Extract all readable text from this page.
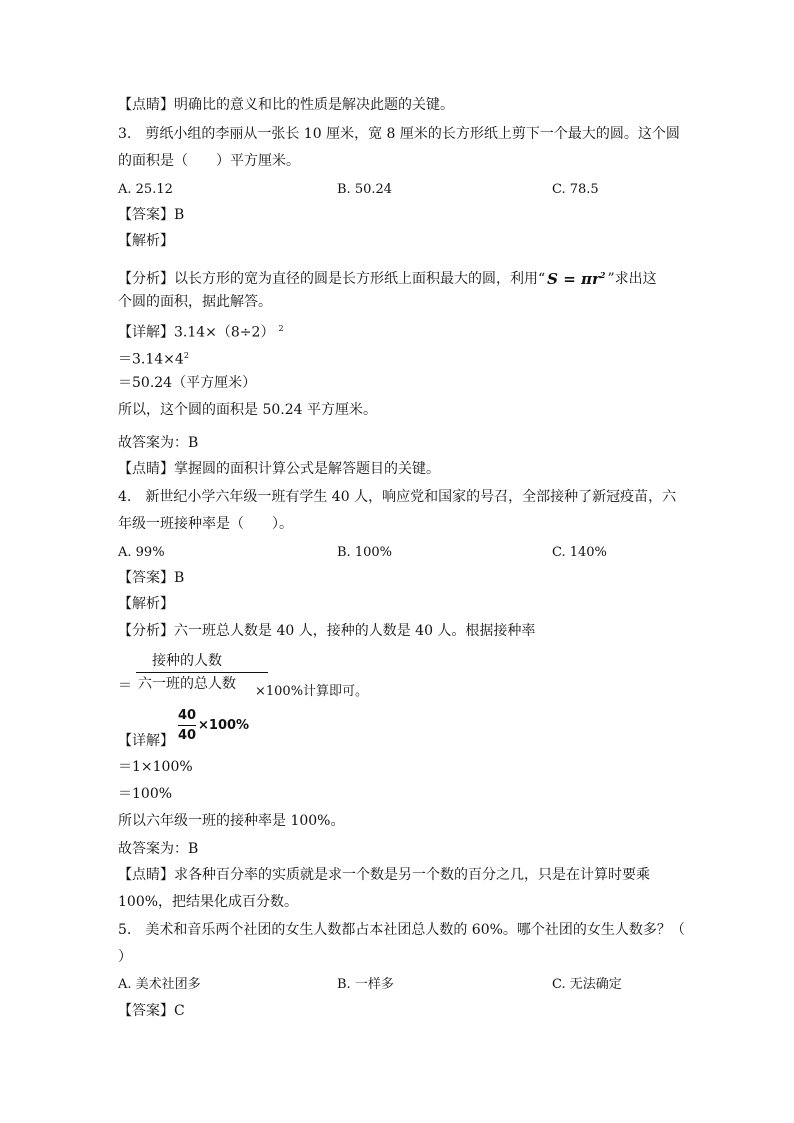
【点睛】明确比的意义和比的性质是解决此题的关键。
3.　剪纸小组的李丽从一张长 10 厘米，宽 8 厘米的长方形纸上剪下一个最大的圆。这个圆
的面积是（　　）平方厘米。
A. 25.12	B. 50.24	C. 78.5
【答案】B
【解析】
【分析】以长方形的宽为直径的圆是长方形纸上面积最大的圆，利用“ $S = \pi r^2$ ”求出这
个圆的面积，据此解答。
【详解】3.14×（8÷2） $^2$
$=3.14\times 4^2$
＝50.24（平方厘米）
所以，这个圆的面积是 50.24 平方厘米。
故答案为：B
【点睛】掌握圆的面积计算公式是解答题目的关键。
4.　新世纪小学六年级一班有学生 40 人，响应党和国家的号召，全部接种了新冠疫苗，六
年级一班接种率是（　　）。
A. 99%	B. 100%	C. 140%
【答案】B
【解析】
【分析】六一班总人数是 40 人，接种的人数是 40 人。根据接种率
接种的人数
＝ 六一班的总人数 ×100%计算即可。
40
40
×100%
【详解】
＝1×100%
＝100%
所以六年级一班的接种率是 100%。
故答案为：B
【点睛】求各种百分率的实质就是求一个数是另一个数的百分之几，只是在计算时要乘
100%，把结果化成百分数。
5.　美术和音乐两个社团的女生人数都占本社团总人数的 60%。哪个社团的女生人数多？（
）
A. 美术社团多	B. 一样多	C. 无法确定
【答案】C
